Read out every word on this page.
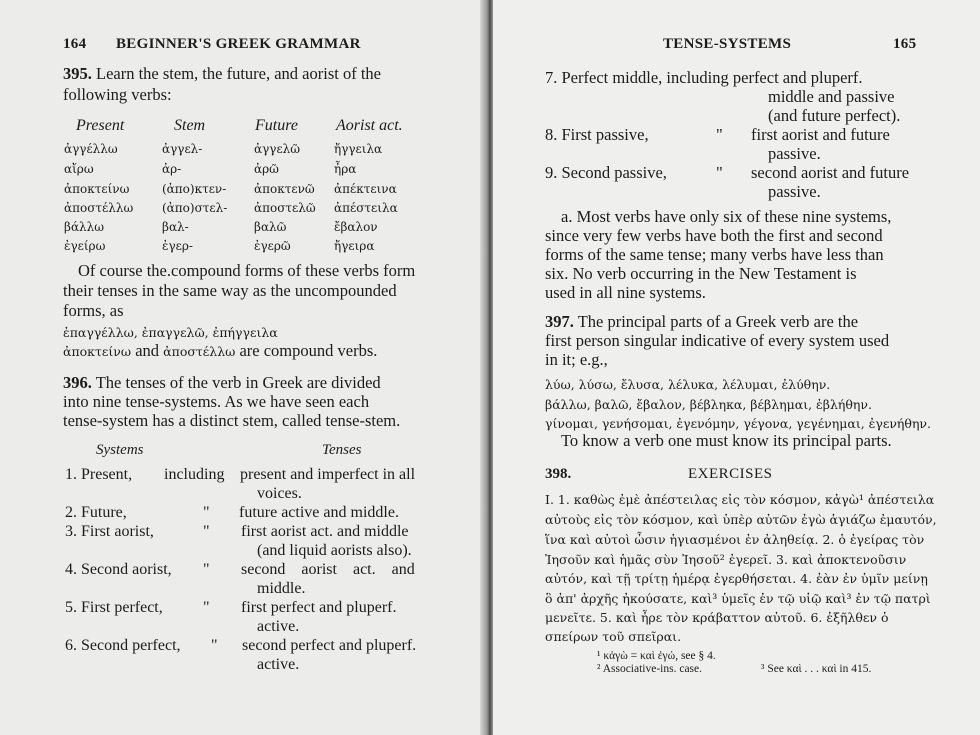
164 BEGINNER'S GREEK GRAMMAR
395. Learn the stem, the future, and aorist of the
following verbs:
Present	Stem	Future Aorist act.
ἀγγέλλω	ἀγγελ-	ἀγγελῶ	ἤγγειλα
αἴρω	ἀρ-	ἀρῶ	ἦρα
ἀποκτείνω	(ἀπο)κτεν- ἀποκτενῶ ἀπέκτεινα
ἀποστέλλω (ἀπο)στελ- ἀποστελῶ ἀπέστειλα
βάλλω	βαλ-	βαλῶ	ἔβαλον
ἐγείρω	ἐγερ-	ἐγερῶ	ἤγειρα
Of course the.compound forms of these verbs form
their tenses in the same way as the uncompounded
forms, as
ἐπαγγέλλω, ἐπαγγελῶ, ἐπήγγειλα
ἀποκτείνω and ἀποστέλλω are compound verbs.
396. The tenses of the verb in Greek are divided
into nine tense-systems. As we have seen each
tense-system has a distinct stem, called tense-stem.
Systems	Tenses
1. Present, including present and imperfect in all
voices.
2. Future,	" future active and middle.
3. First aorist,	" first aorist act. and middle
(and liquid aorists also).
4. Second aorist, " second    aorist    act.    and
middle.
5. First perfect,	" first perfect and pluperf.
active.
6. Second perfect, " second perfect and pluperf.
active.
TENSE-SYSTEMS	165
7. Perfect middle, including perfect and pluperf.
middle and passive
(and future perfect).
8. First passive,	" first aorist and future
passive.
9. Second passive,	" second aorist and future
passive.
a. Most verbs have only six of these nine systems,
since very few verbs have both the first and second
forms of the same tense; many verbs have less than
six. No verb occurring in the New Testament is
used in all nine systems.
397. The principal parts of a Greek verb are the
first person singular indicative of every system used
in it; e.g.,
λύω, λύσω, ἔλυσα, λέλυκα, λέλυμαι, ἐλύθην.
βάλλω, βαλῶ, ἔβαλον, βέβληκα, βέβλημαι, ἐβλήθην.
γίνομαι, γενήσομαι, ἐγενόμην, γέγονα, γεγένημαι, ἐγενήθην.
To know a verb one must know its principal parts.
398.	EXERCISES
I. 1. καθὼς ἐμὲ ἀπέστειλας εἰς τὸν κόσμον, κἀγὼ¹ ἀπέστειλα
αὐτοὺς εἰς τὸν κόσμον, καὶ ὑπὲρ αὐτῶν ἐγὼ ἁγιάζω ἐμαυτόν,
ἵνα καὶ αὐτοὶ ὦσιν ἡγιασμένοι ἐν ἀληθείᾳ. 2. ὁ ἐγείρας τὸν
Ἰησοῦν καὶ ἡμᾶς σὺν Ἰησοῦ² ἐγερεῖ. 3. καὶ ἀποκτενοῦσιν
αὐτόν, καὶ τῇ τρίτῃ ἡμέρᾳ ἐγερθήσεται. 4. ἐὰν ἐν ὑμῖν μείνῃ
ὃ ἀπ' ἀρχῆς ἠκούσατε, καὶ³ ὑμεῖς ἐν τῷ υἱῷ καὶ³ ἐν τῷ πατρὶ
μενεῖτε. 5. καὶ ἦρε τὸν κράβαττον αὐτοῦ. 6. ἐξῆλθεν ὁ
σπείρων τοῦ σπεῖραι.
¹ κἀγὼ = καὶ ἐγώ, see § 4.
² Associative-ins. case.	³ See καὶ . . . καὶ in 415.
